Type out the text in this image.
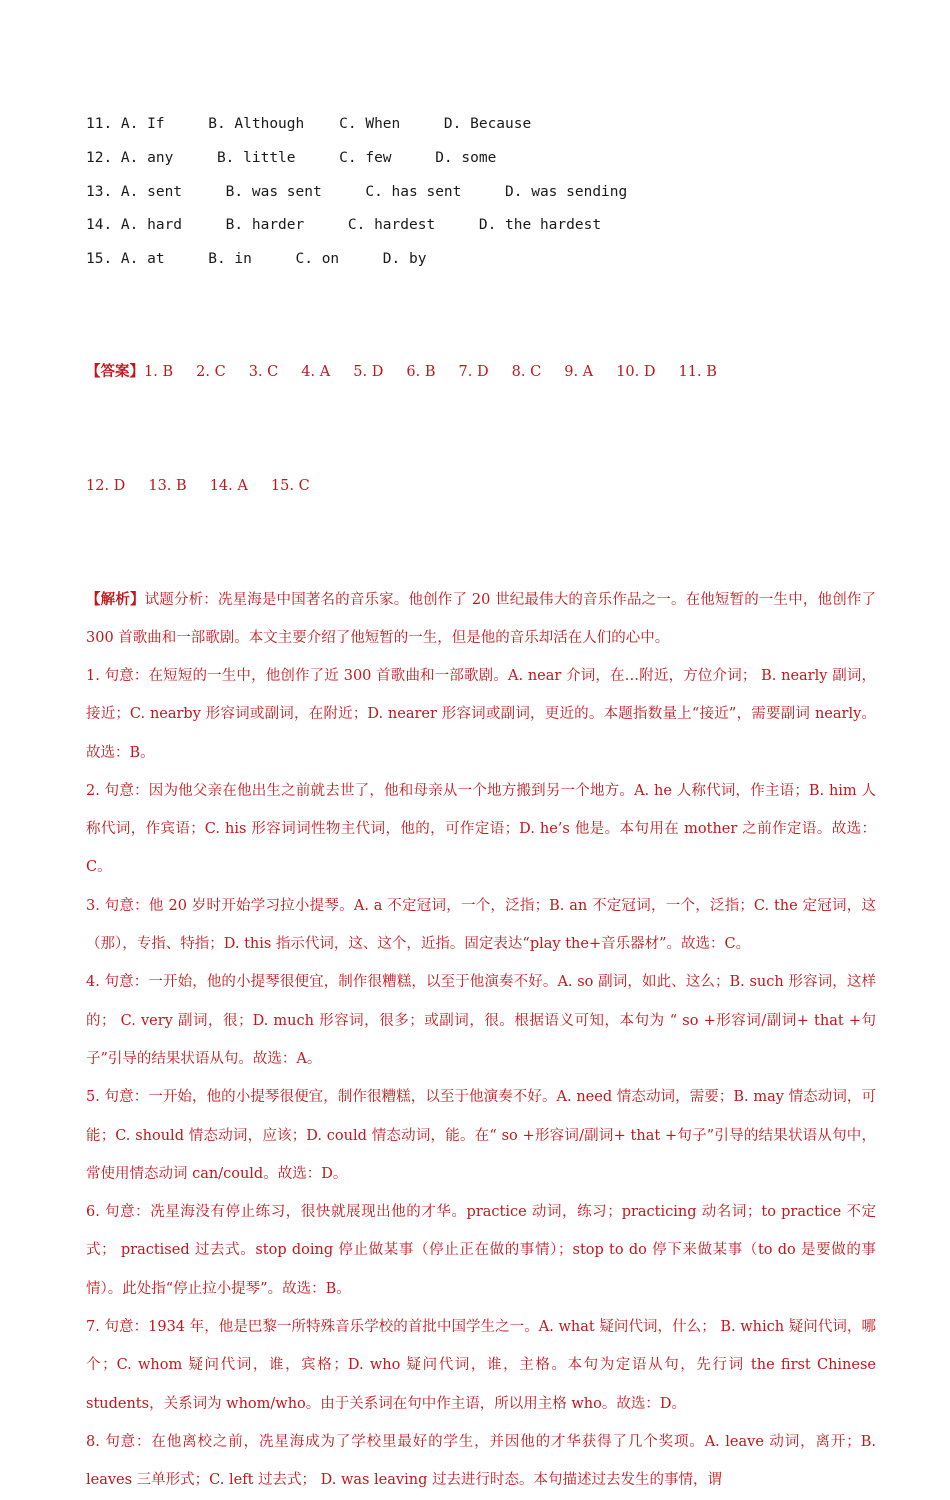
11. A. If     B. Although    C. When     D. Because
12. A. any     B. little     C. few     D. some
13. A. sent     B. was sent     C. has sent     D. was sending
14. A. hard     B. harder     C. hardest     D. the hardest
15. A. at     B. in     C. on     D. by

【答案】1. B     2. C     3. C     4. A     5. D     6. B     7. D     8. C     9. A     10. D     11. B

12. D     13. B     14. A     15. C

【解析】试题分析：冼星海是中国著名的音乐家。他创作了 20 世纪最伟大的音乐作品之一。在他短暂的一生中，他创作了 300 首歌曲和一部歌剧。本文主要介绍了他短暂的一生，但是他的音乐却活在人们的心中。

1. 句意：在短短的一生中，他创作了近 300 首歌曲和一部歌剧。A. near 介词，在…附近，方位介词； B. nearly 副词，接近；C. nearby 形容词或副词，在附近；D. nearer 形容词或副词，更近的。本题指数量上“接近”，需要副词 nearly。故选：B。

2. 句意：因为他父亲在他出生之前就去世了，他和母亲从一个地方搬到另一个地方。A. he 人称代词，作主语；B. him 人称代词，作宾语；C. his 形容词词性物主代词，他的，可作定语；D. he’s 他是。本句用在 mother 之前作定语。故选：C。

3. 句意：他 20 岁时开始学习拉小提琴。A. a 不定冠词，一个，泛指；B. an 不定冠词，一个，泛指；C. the 定冠词，这（那），专指、特指；D. this 指示代词，这、这个，近指。固定表达“play the+音乐器材”。故选：C。

4. 句意：一开始，他的小提琴很便宜，制作很糟糕，以至于他演奏不好。A. so 副词，如此、这么；B. such 形容词，这样的； C. very 副词，很；D. much 形容词，很多；或副词，很。根据语义可知，本句为 “ so +形容词/副词+ that +句子”引导的结果状语从句。故选：A。

5. 句意：一开始，他的小提琴很便宜，制作很糟糕，以至于他演奏不好。A. need 情态动词，需要；B. may 情态动词，可能；C. should 情态动词，应该；D. could 情态动词，能。在“ so +形容词/副词+ that +句子”引导的结果状语从句中，常使用情态动词 can/could。故选：D。

6. 句意：冼星海没有停止练习，很快就展现出他的才华。practice 动词，练习；practicing 动名词；to practice 不定式； practised 过去式。stop doing 停止做某事（停止正在做的事情）；stop to do 停下来做某事（to do 是要做的事情）。此处指“停止拉小提琴”。故选：B。

7. 句意：1934 年，他是巴黎一所特殊音乐学校的首批中国学生之一。A. what 疑问代词，什么； B. which 疑问代词，哪个；C. whom 疑问代词，谁，宾格；D. who 疑问代词，谁，主格。本句为定语从句，先行词 the first Chinese students，关系词为 whom/who。由于关系词在句中作主语，所以用主格 who。故选：D。

8. 句意：在他离校之前，冼星海成为了学校里最好的学生，并因他的才华获得了几个奖项。A. leave 动词，离开；B. leaves 三单形式；C. left 过去式； D. was leaving 过去进行时态。本句描述过去发生的事情，谓
